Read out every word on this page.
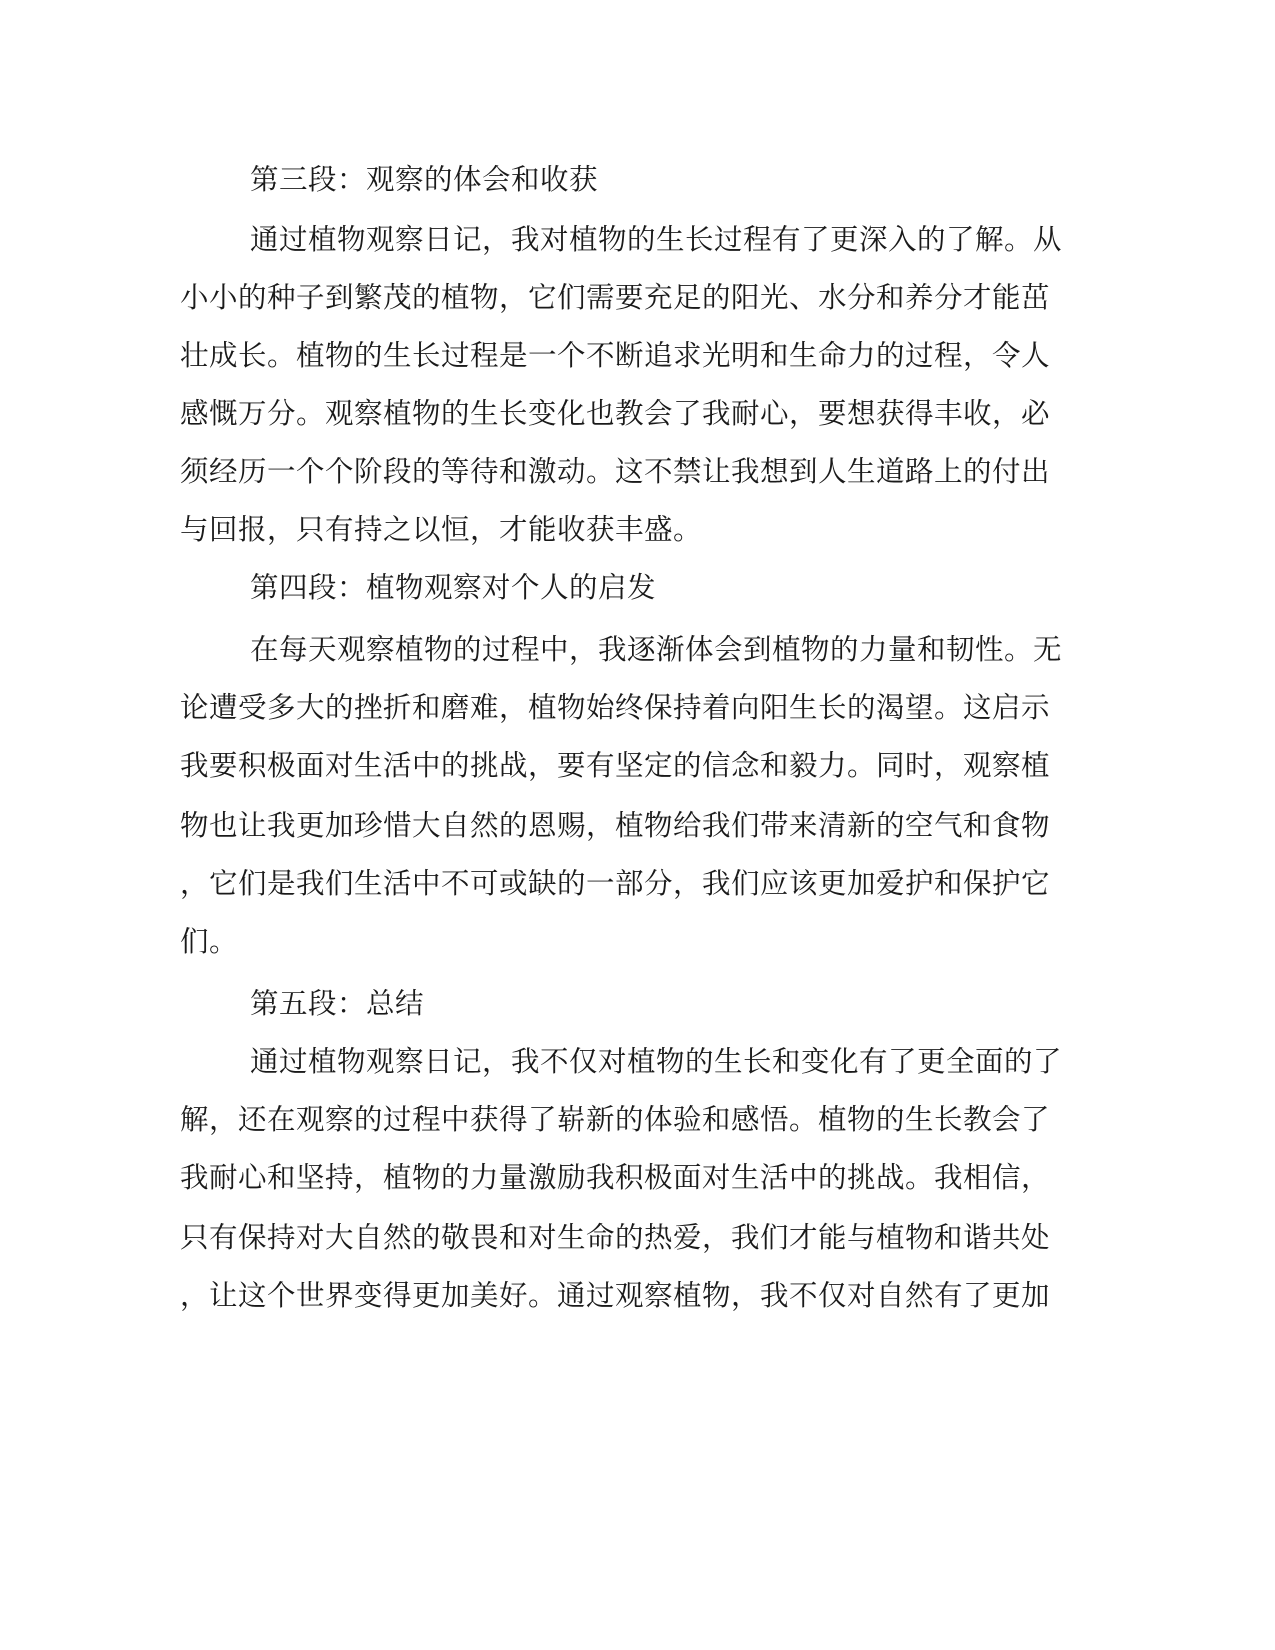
第三段：观察的体会和收获
通过植物观察日记，我对植物的生长过程有了更深入的了解。从
小小的种子到繁茂的植物，它们需要充足的阳光、水分和养分才能茁
壮成长。植物的生长过程是一个不断追求光明和生命力的过程，令人
感慨万分。观察植物的生长变化也教会了我耐心，要想获得丰收，必
须经历一个个阶段的等待和激动。这不禁让我想到人生道路上的付出
与回报，只有持之以恒，才能收获丰盛。
第四段：植物观察对个人的启发
在每天观察植物的过程中，我逐渐体会到植物的力量和韧性。无
论遭受多大的挫折和磨难，植物始终保持着向阳生长的渴望。这启示
我要积极面对生活中的挑战，要有坚定的信念和毅力。同时，观察植
物也让我更加珍惜大自然的恩赐，植物给我们带来清新的空气和食物
，它们是我们生活中不可或缺的一部分，我们应该更加爱护和保护它
们。
第五段：总结
通过植物观察日记，我不仅对植物的生长和变化有了更全面的了
解，还在观察的过程中获得了崭新的体验和感悟。植物的生长教会了
我耐心和坚持，植物的力量激励我积极面对生活中的挑战。我相信，
只有保持对大自然的敬畏和对生命的热爱，我们才能与植物和谐共处
，让这个世界变得更加美好。通过观察植物，我不仅对自然有了更加
